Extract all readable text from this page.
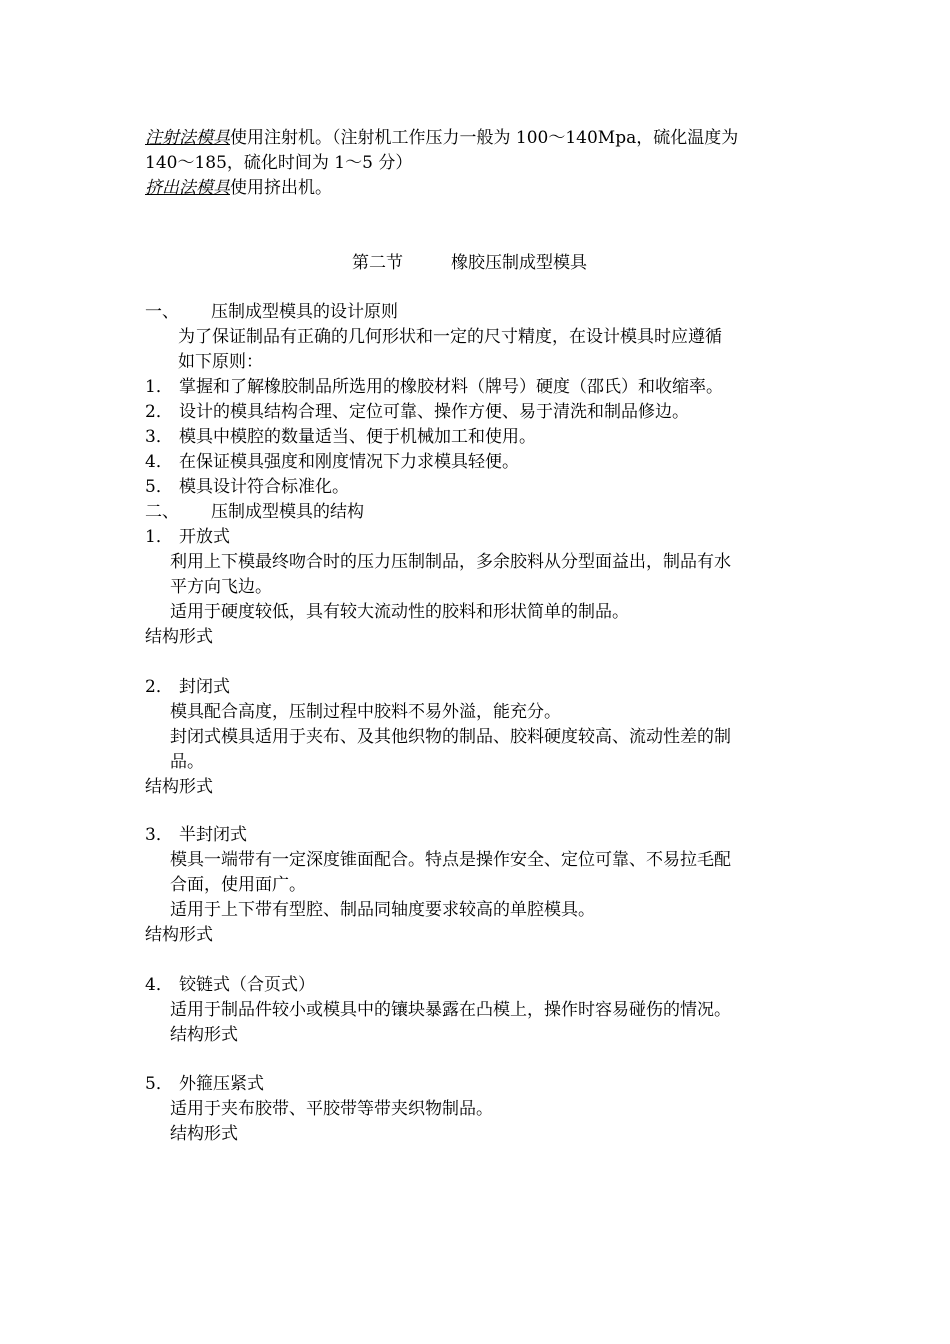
注射法模具使用注射机。（注射机工作压力一般为 100～140Mpa，硫化温度为
140～185，硫化时间为 1～5 分）
挤出法模具使用挤出机。
第二节	橡胶压制成型模具
一、 压制成型模具的设计原则
为了保证制品有正确的几何形状和一定的尺寸精度，在设计模具时应遵循
如下原则：
1． 掌握和了解橡胶制品所选用的橡胶材料（牌号）硬度（邵氏）和收缩率。
2． 设计的模具结构合理、定位可靠、操作方便、易于清洗和制品修边。
3． 模具中模腔的数量适当、便于机械加工和使用。
4． 在保证模具强度和刚度情况下力求模具轻便。
5． 模具设计符合标准化。
二、 压制成型模具的结构
1． 开放式
利用上下模最终吻合时的压力压制制品，多余胶料从分型面益出，制品有水
平方向飞边。
适用于硬度较低，具有较大流动性的胶料和形状简单的制品。
结构形式
2． 封闭式
模具配合高度，压制过程中胶料不易外溢，能充分。
封闭式模具适用于夹布、及其他织物的制品、胶料硬度较高、流动性差的制
品。
结构形式
3． 半封闭式
模具一端带有一定深度锥面配合。特点是操作安全、定位可靠、不易拉毛配
合面，使用面广。
适用于上下带有型腔、制品同轴度要求较高的单腔模具。
结构形式
4． 铰链式（合页式）
适用于制品件较小或模具中的镶块暴露在凸模上，操作时容易碰伤的情况。
结构形式
5． 外箍压紧式
适用于夹布胶带、平胶带等带夹织物制品。
结构形式
